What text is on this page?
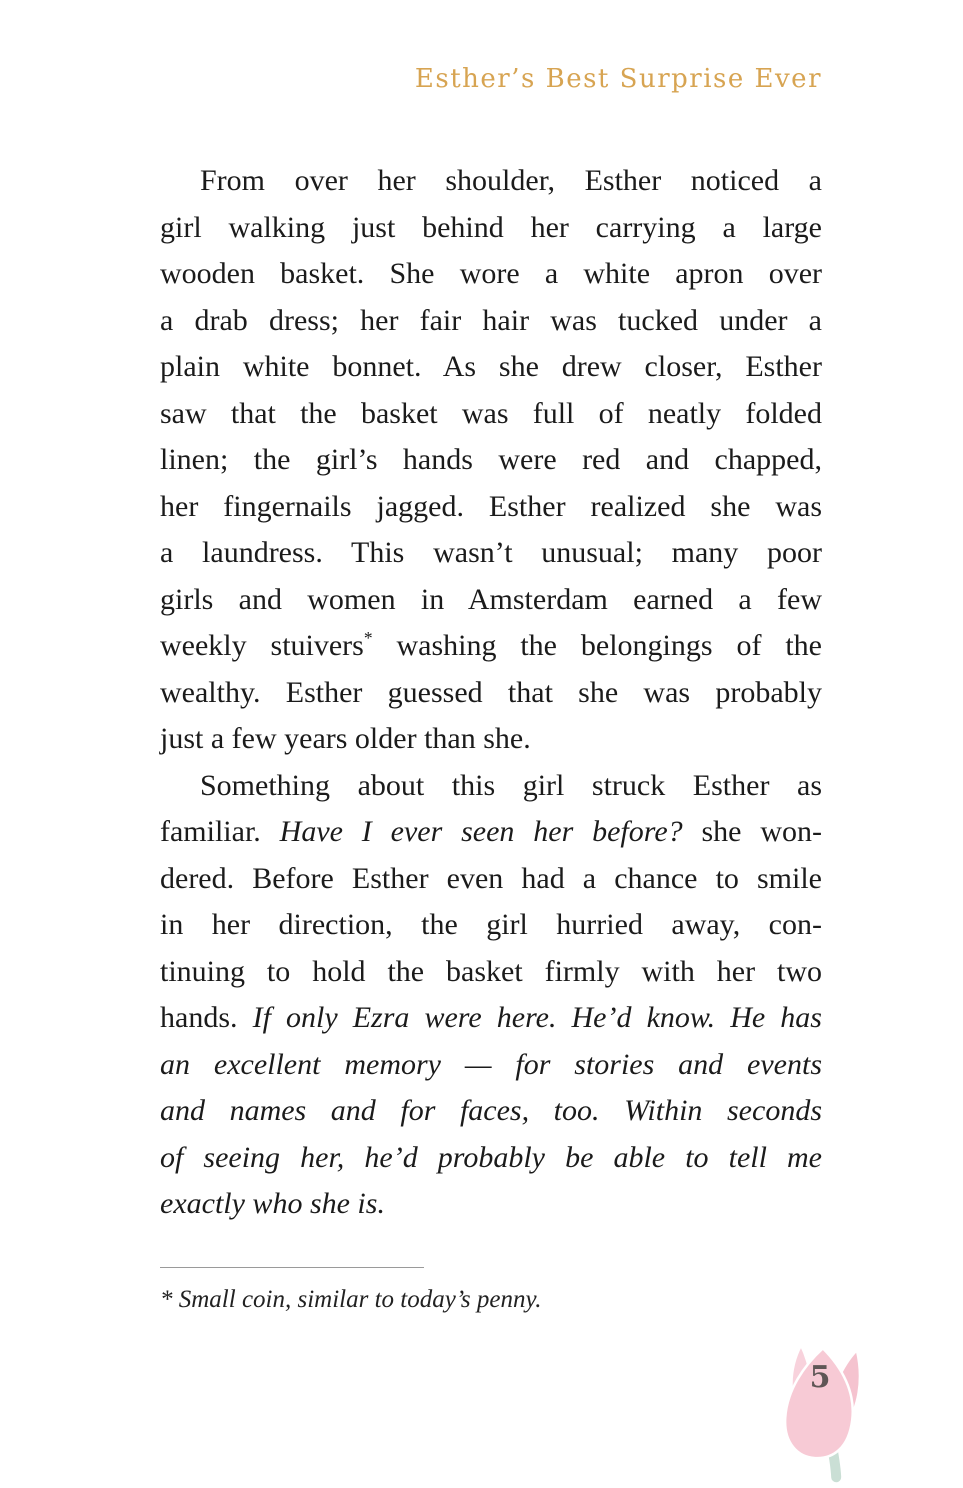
Esther’s Best Surprise Ever
From over her shoulder, Esther noticed a
girl walking just behind her carrying a large
wooden basket. She wore a white apron over
a drab dress; her fair hair was tucked under a
plain white bonnet. As she drew closer, Esther
saw that the basket was full of neatly folded
linen; the girl’s hands were red and chapped,
her fingernails jagged. Esther realized she was
a laundress. This wasn’t unusual; many poor
girls and women in Amsterdam earned a few
weekly stuivers* washing the belongings of the
wealthy. Esther guessed that she was probably
just a few years older than she.
Something about this girl struck Esther as
familiar. Have I ever seen her before? she won-
dered. Before Esther even had a chance to smile
in her direction, the girl hurried away, con-
tinuing to hold the basket firmly with her two
hands. If only Ezra were here. He’d know. He has
an excellent memory — for stories and events
and names and for faces, too. Within seconds
of seeing her, he’d probably be able to tell me
exactly who she is.
* Small coin, similar to today’s penny.
5
